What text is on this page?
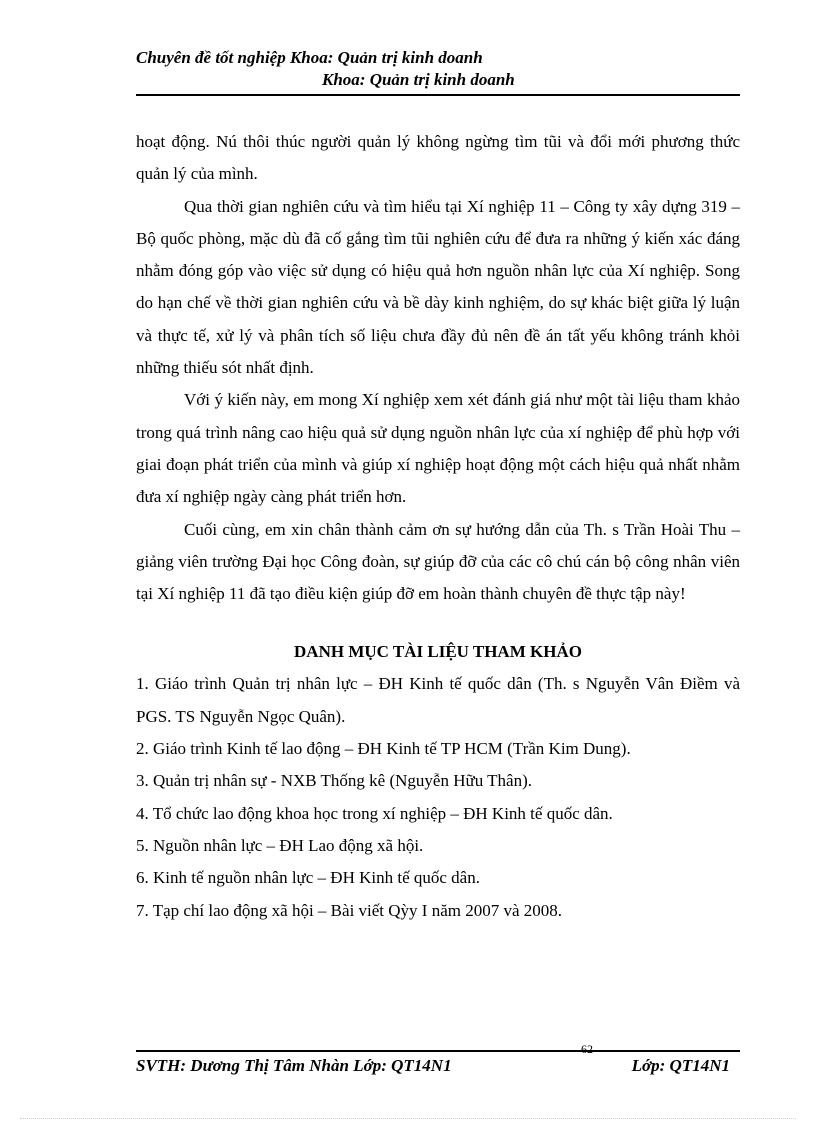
Chuyên đề tốt nghiệp Khoa: Quản trị kinh doanh
Khoa: Quản trị kinh doanh

hoạt động. Nú thôi thúc người quản lý không ngừng tìm tũi và đổi mới phương thức quản lý của mình.

Qua thời gian nghiên cứu và tìm hiểu tại Xí nghiệp 11 – Công ty xây dựng 319 – Bộ quốc phòng, mặc dù đã cố gắng tìm tũi nghiên cứu để đưa ra những ý kiến xác đáng nhằm đóng góp vào việc sử dụng có hiệu quả hơn nguồn nhân lực của Xí nghiệp. Song do hạn chế về thời gian nghiên cứu và bề dày kinh nghiệm, do sự khác biệt giữa lý luận và thực tế, xử lý và phân tích số liệu chưa đầy đủ nên đề án tất yếu không tránh khỏi những thiếu sót nhất định.

Với ý kiến này, em mong Xí nghiệp xem xét đánh giá như một tài liệu tham khảo trong quá trình nâng cao hiệu quả sử dụng nguồn nhân lực của xí nghiệp để phù hợp với giai đoạn phát triển của mình và giúp xí nghiệp hoạt động một cách hiệu quả nhất nhằm đưa xí nghiệp ngày càng phát triển hơn.

Cuối cùng, em xin chân thành cảm ơn sự hướng dẫn của Th. s Trần Hoài Thu – giảng viên trường Đại học Công đoàn, sự giúp đỡ của các cô chú cán bộ công nhân viên tại Xí nghiệp 11 đã tạo điều kiện giúp đỡ em hoàn thành chuyên đề thực tập này!

DANH MỤC TÀI LIỆU THAM KHẢO

1. Giáo trình Quản trị nhân lực – ĐH Kinh tế quốc dân (Th. s Nguyễn Vân Điềm và PGS. TS Nguyễn Ngọc Quân).

2. Giáo trình Kinh tế lao động – ĐH Kinh tế TP HCM (Trần Kim Dung).

3. Quản trị nhân sự - NXB Thống kê (Nguyễn Hữu Thân).

4. Tổ chức lao động khoa học trong xí nghiệp – ĐH Kinh tế quốc dân.

5. Nguồn nhân lực – ĐH Lao động xã hội.

6. Kinh tế nguồn nhân lực – ĐH Kinh tế quốc dân.

7. Tạp chí lao động xã hội – Bài viết Qỳy I năm 2007 và 2008.

SVTH: Dương Thị Tâm Nhàn Lớp: QT14N1
62
Lớp: QT14N1
